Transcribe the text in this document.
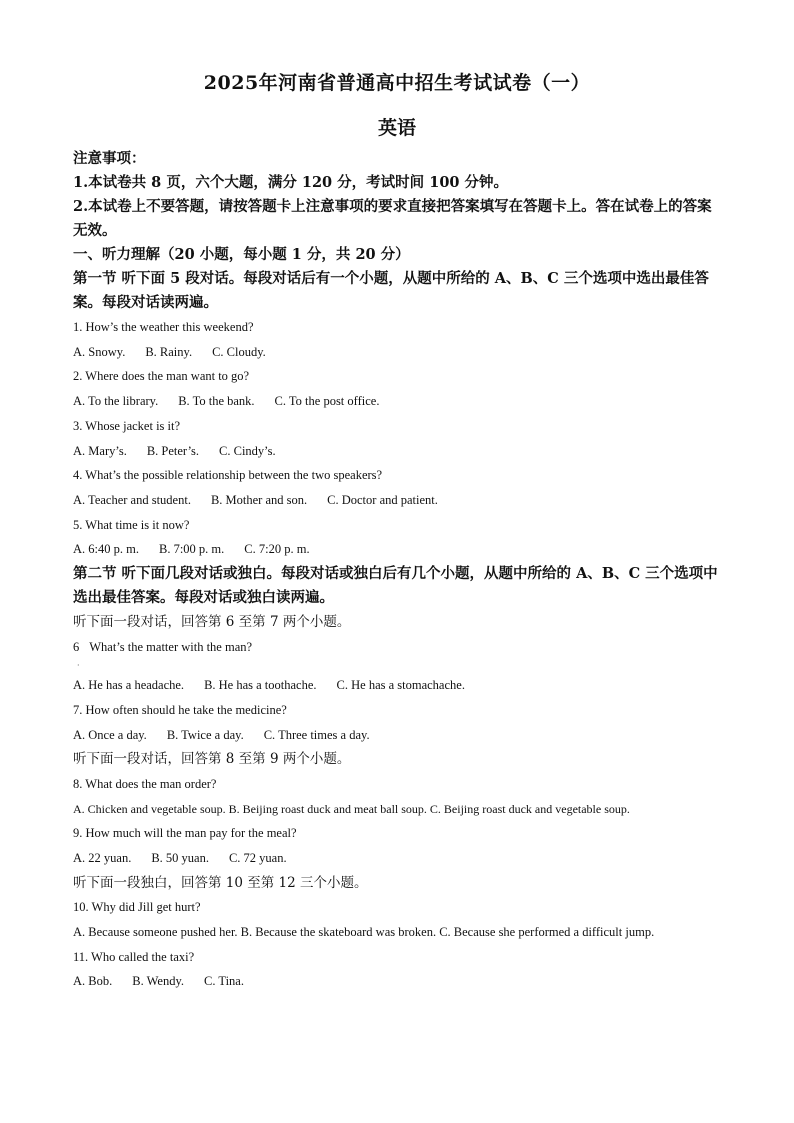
2025年河南省普通高中招生考试试卷（一）
英语

注意事项：

1.本试卷共 8 页，六个大题，满分 120 分，考试时间 100 分钟。

2.本试卷上不要答题，请按答题卡上注意事项的要求直接把答案填写在答题卡上。答在试卷上的答案无效。

一、听力理解（20 小题，每小题 1 分，共 20 分）

第一节 听下面 5 段对话。每段对话后有一个小题，从题中所给的 A、B、C 三个选项中选出最佳答案。每段对话读两遍。

1. How’s the weather this weekend?

A. Snowy. B. Rainy. C. Cloudy.

2. Where does the man want to go?

A. To the library. B. To the bank. C. To the post office.

3. Whose jacket is it?

A. Mary’s. B. Peter’s. C. Cindy’s.

4. What’s the possible relationship between the two speakers?

A. Teacher and student. B. Mother and son. C. Doctor and patient.

5. What time is it now?

A. 6:40 p. m. B. 7:00 p. m. C. 7:20 p. m.

第二节 听下面几段对话或独白。每段对话或独白后有几个小题，从题中所给的 A、B、C 三个选项中选出最佳答案。每段对话或独白读两遍。

听下面一段对话，回答第 6 至第 7 两个小题。

6 What’s the matter with the man?

·

A. He has a headache. B. He has a toothache. C. He has a stomachache.

7. How often should he take the medicine?

A. Once a day. B. Twice a day. C. Three times a day.

听下面一段对话，回答第 8 至第 9 两个小题。

8. What does the man order?

A. Chicken and vegetable soup. B. Beijing roast duck and meat ball soup. C. Beijing roast duck and vegetable soup.

9. How much will the man pay for the meal?

A. 22 yuan. B. 50 yuan. C. 72 yuan.

听下面一段独白，回答第 10 至第 12 三个小题。

10. Why did Jill get hurt?

A. Because someone pushed her. B. Because the skateboard was broken. C. Because she performed a difficult jump.

11. Who called the taxi?

A. Bob. B. Wendy. C. Tina.
